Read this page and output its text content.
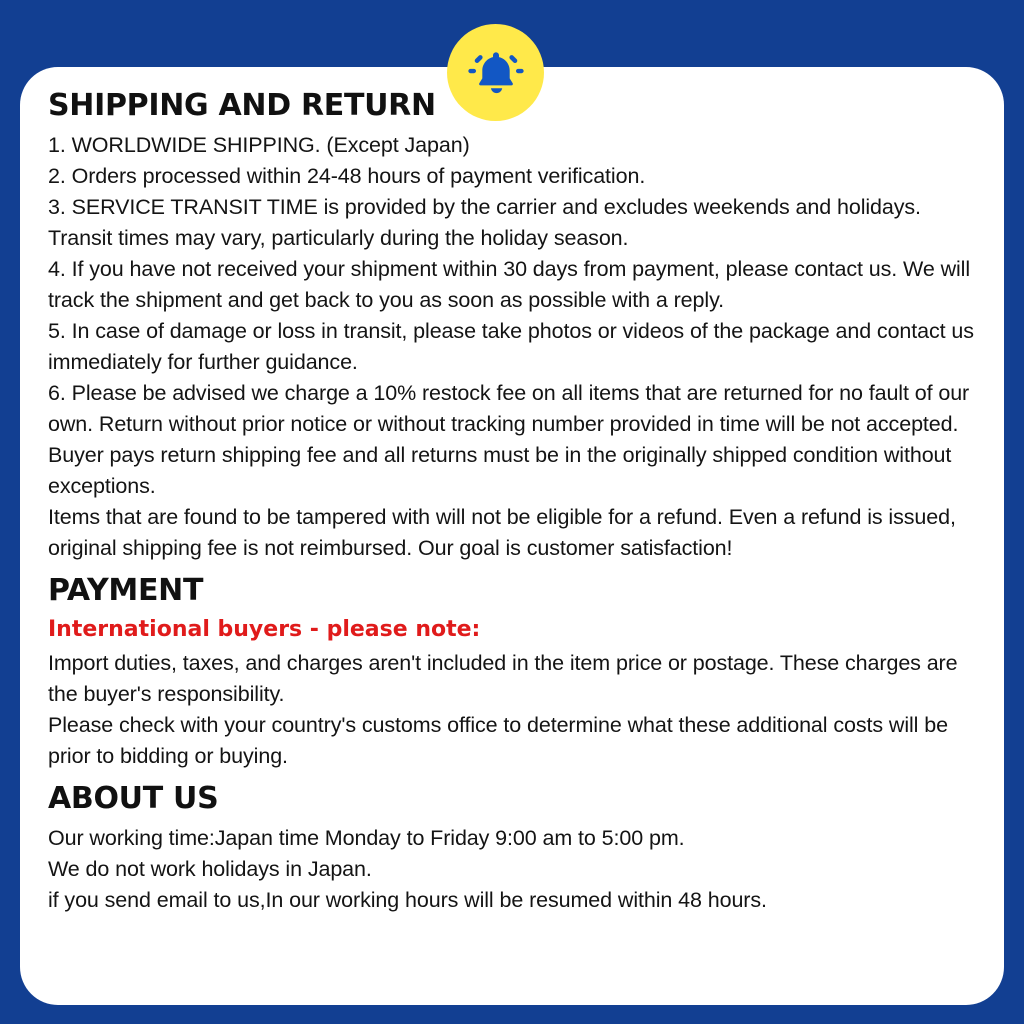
SHIPPING AND RETURN

1. WORLDWIDE SHIPPING. (Except Japan)

2. Orders processed within 24-48 hours of payment verification.

3. SERVICE TRANSIT TIME is provided by the carrier and excludes weekends and holidays. Transit times may vary, particularly during the holiday season.

4. If you have not received your shipment within 30 days from payment, please contact us. We will track the shipment and get back to you as soon as possible with a reply.

5. In case of damage or loss in transit, please take photos or videos of the package and contact us immediately for further guidance.

6. Please be advised we charge a 10% restock fee on all items that are returned for no fault of our own. Return without prior notice or without tracking number provided in time will be not accepted. Buyer pays return shipping fee and all returns must be in the originally shipped condition without exceptions.

Items that are found to be tampered with will not be eligible for a refund. Even a refund is issued, original shipping fee is not reimbursed. Our goal is customer satisfaction!

PAYMENT

International buyers - please note:

Import duties, taxes, and charges aren't included in the item price or postage. These charges are the buyer's responsibility.

Please check with your country's customs office to determine what these additional costs will be prior to bidding or buying.

ABOUT US

Our working time:Japan time Monday to Friday 9:00 am to 5:00 pm.

We do not work holidays in Japan.

if you send email to us,In our working hours will be resumed within 48 hours.
